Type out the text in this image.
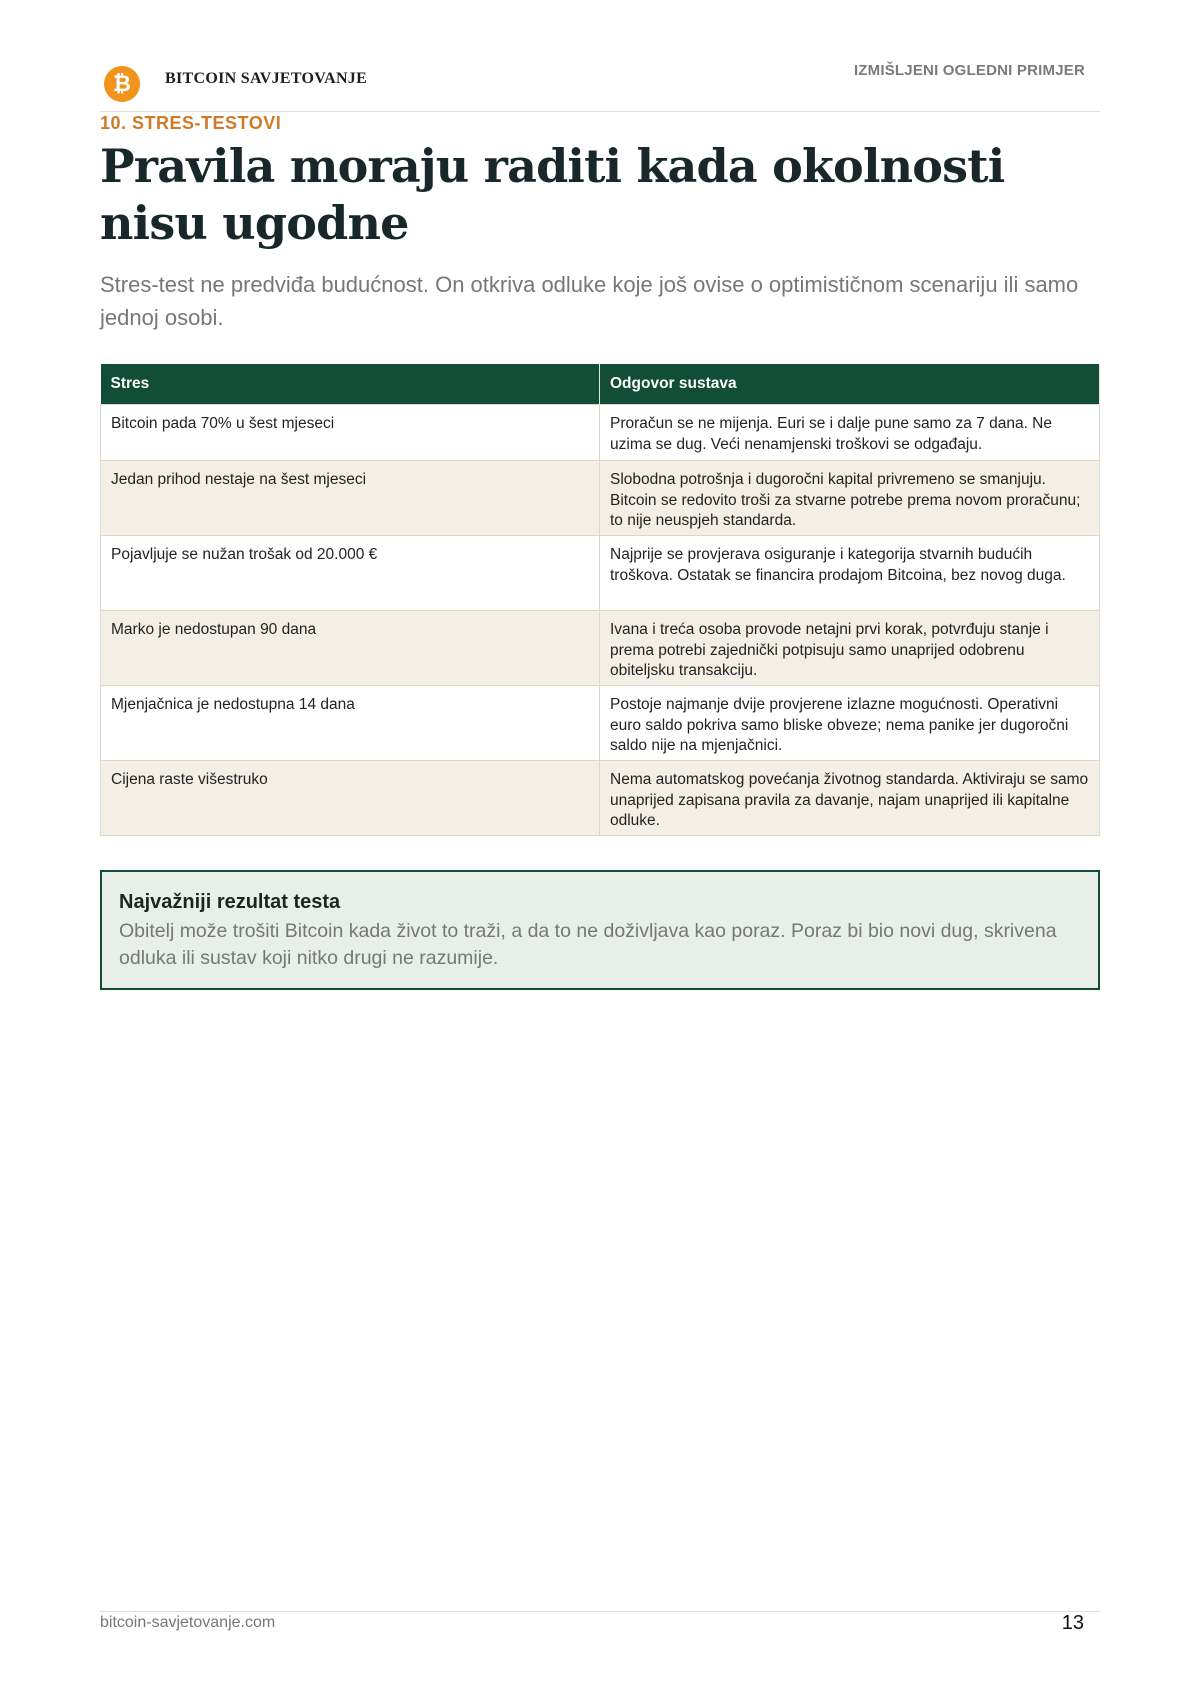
₿	BITCOIN SAVJETOVANJE	IZMIŠLJENI OGLEDNI PRIMJER
10. STRES-TESTOVI
Pravila moraju raditi kada okolnosti nisu ugodne

Stres-test ne predviđa budućnost. On otkriva odluke koje još ovise o optimističnom scenariju ili samo jednoj osobi.

Stres	Odgovor sustava
Bitcoin pada 70% u šest mjeseci	Proračun se ne mijenja. Euri se i dalje pune samo za 7 dana. Ne uzima se dug. Veći nenamjenski troškovi se odgađaju.
Jedan prihod nestaje na šest mjeseci	Slobodna potrošnja i dugoročni kapital privremeno se smanjuju. Bitcoin se redovito troši za stvarne potrebe prema novom proračunu; to nije neuspjeh standarda.
Pojavljuje se nužan trošak od 20.000 €	Najprije se provjerava osiguranje i kategorija stvarnih budućih troškova. Ostatak se financira prodajom Bitcoina, bez novog duga.
Marko je nedostupan 90 dana	Ivana i treća osoba provode netajni prvi korak, potvrđuju stanje i prema potrebi zajednički potpisuju samo unaprijed odobrenu obiteljsku transakciju.
Mjenjačnica je nedostupna 14 dana	Postoje najmanje dvije provjerene izlazne mogućnosti. Operativni euro saldo pokriva samo bliske obveze; nema panike jer dugoročni saldo nije na mjenjačnici.
Cijena raste višestruko	Nema automatskog povećanja životnog standarda. Aktiviraju se samo unaprijed zapisana pravila za davanje, najam unaprijed ili kapitalne odluke.
Najvažniji rezultat testa

Obitelj može trošiti Bitcoin kada život to traži, a da to ne doživljava kao poraz. Poraz bi bio novi dug, skrivena odluka ili sustav koji nitko drugi ne razumije.

bitcoin-savjetovanje.com	13
